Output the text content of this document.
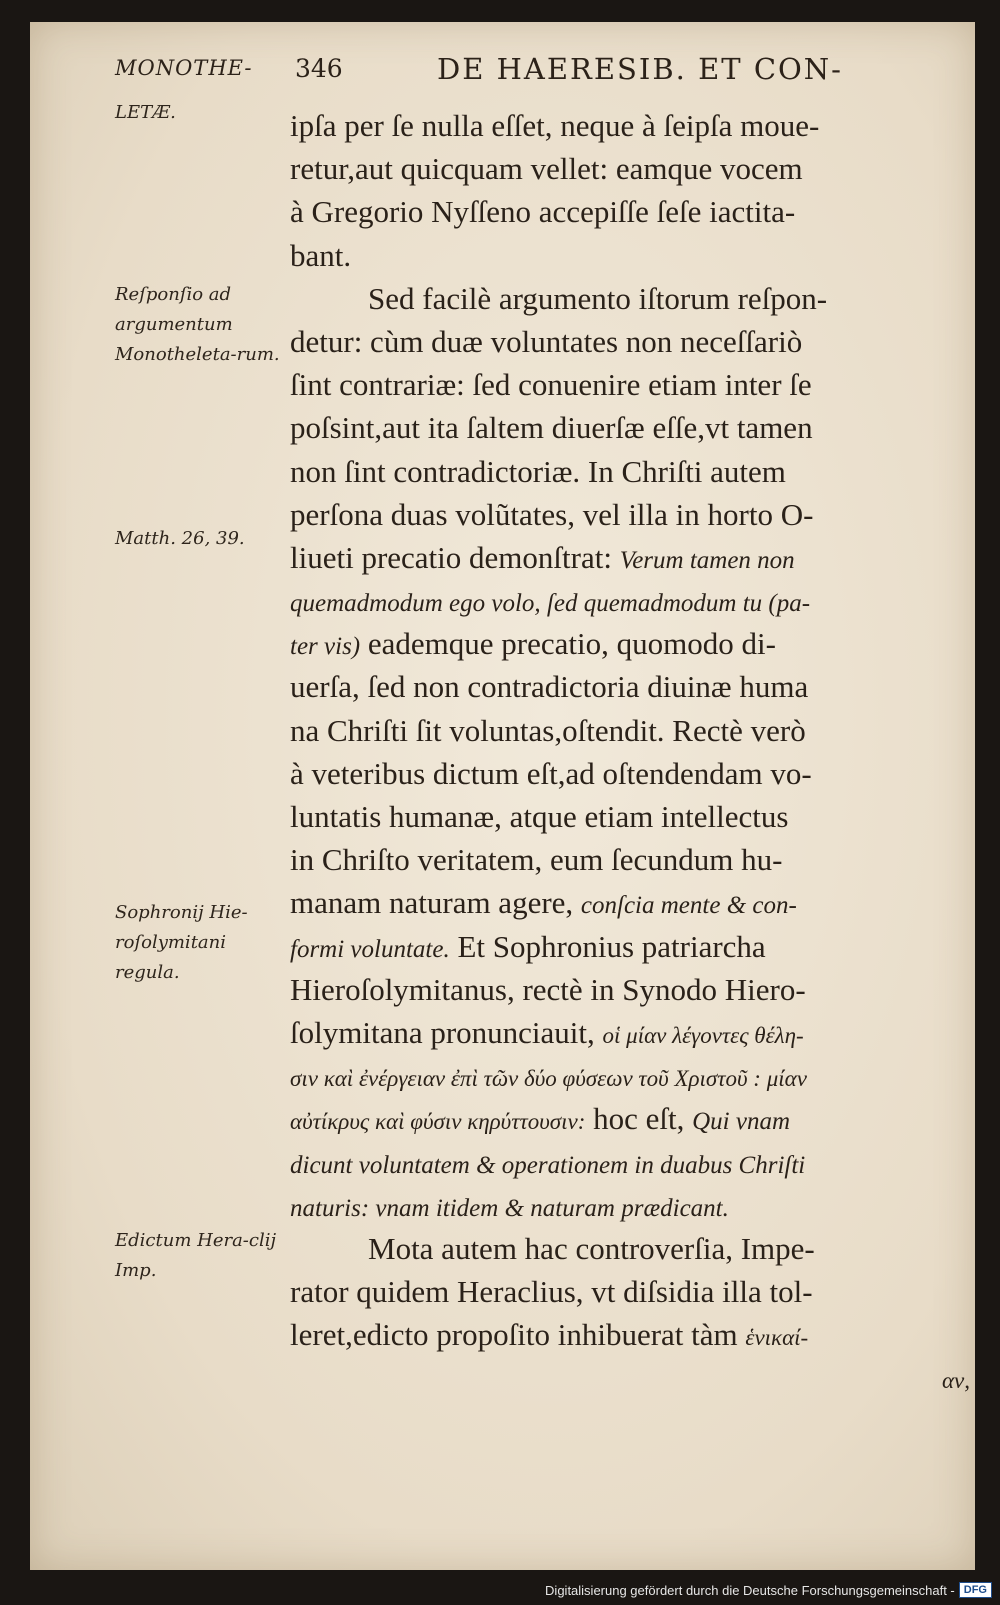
MONOTHE- 346	DE HAERESIB. ET CON-
LETÆ.
Reſponſio ad argumentum Monotheleta-rum.
Matth. 26, 39.
Sophronij Hie-roſolymitani regula.
Edictum Hera-clij Imp.
ipſa per ſe nulla eſſet, neque à ſeipſa moue-
retur,aut quicquam vellet: eamque vocem
à Gregorio Nyſſeno accepiſſe ſeſe iactita-
bant.
Sed facilè argumento iſtorum reſpon-
detur: cùm duæ voluntates non neceſſariò
ſint contrariæ: ſed conuenire etiam inter ſe
poſsint,aut ita ſaltem diuerſæ eſſe,vt tamen
non ſint contradictoriæ. In Chriſti autem
perſona duas volũtates, vel illa in horto O-
liueti precatio demonſtrat: Verum tamen non
quemadmodum ego volo, ſed quemadmodum tu (pa-
ter vis) eademque precatio, quomodo di-
uerſa, ſed non contradictoria diuinæ huma
na Chriſti ſit voluntas,oſtendit. Rectè verò
à veteribus dictum eſt,ad oſtendendam vo-
luntatis humanæ, atque etiam intellectus
in Chriſto veritatem, eum ſecundum hu-
manam naturam agere, conſcia mente & con-
formi voluntate. Et Sophronius patriarcha
Hieroſolymitanus, rectè in Synodo Hiero-
ſolymitana pronunciauit, οἱ μίαν λέγοντες θέλη-
σιν καὶ ἐνέργειαν ἐπὶ τῶν δύο φύσεων τοῦ Χριστοῦ : μίαν
αὐτίκρυς καὶ φύσιν κηρύττουσιν: hoc eſt, Qui vnam
dicunt voluntatem & operationem in duabus Chriſti
naturis: vnam itidem & naturam prædicant.
Mota autem hac controverſia, Impe-
rator quidem Heraclius, vt diſsidia illa tol-
leret,edicto propoſito inhibuerat tàm ἑνικαί-
αν,
Digitalisierung gefördert durch die Deutsche Forschungsgemeinschaft - DFG
